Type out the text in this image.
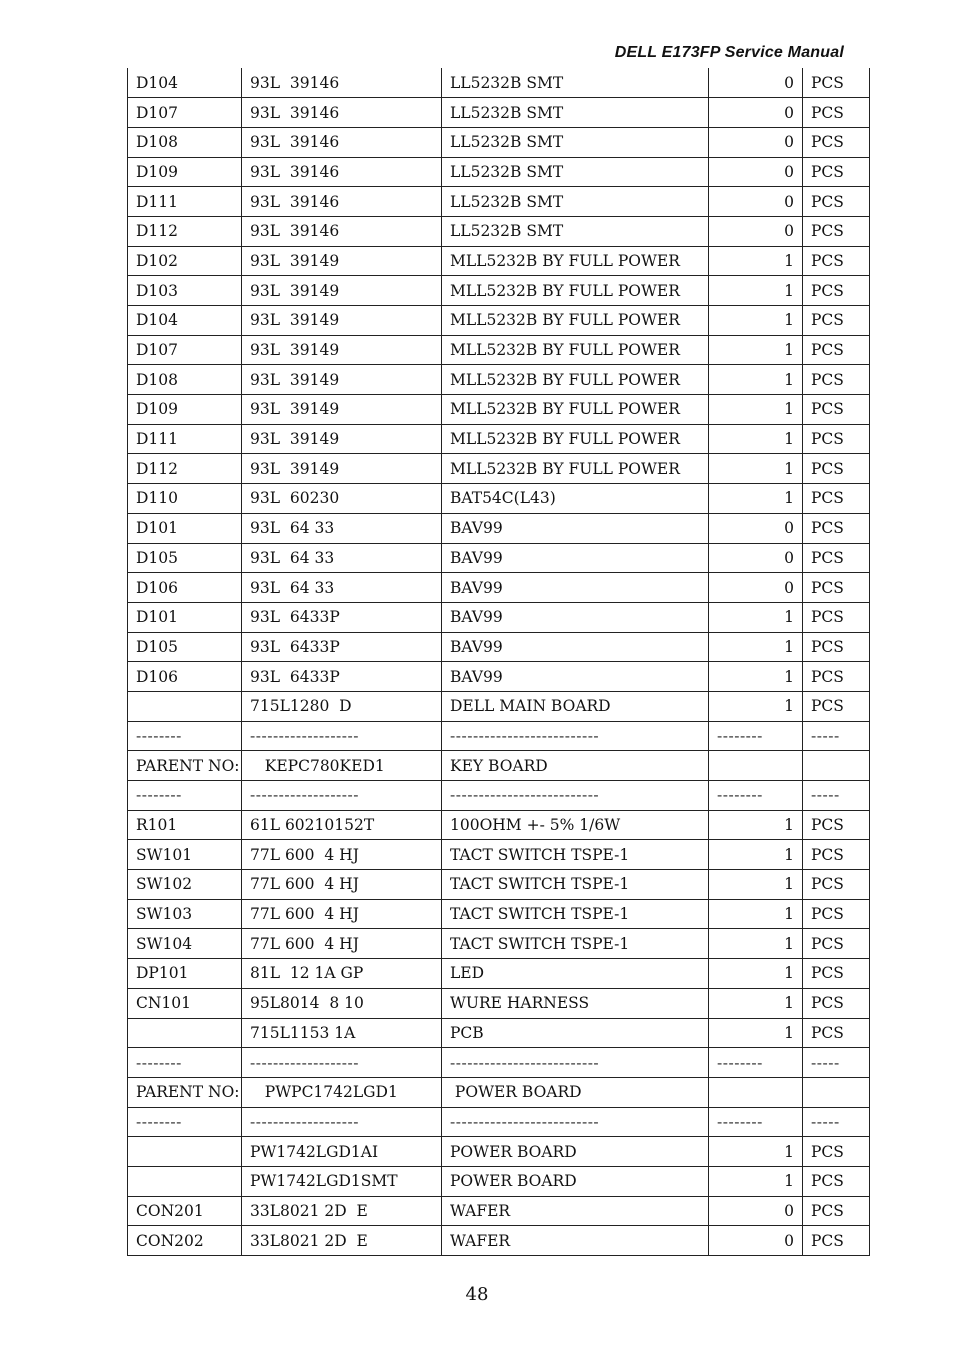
DELL E173FP Service Manual
D104	93L  39146	LL5232B SMT	0	PCS
D107	93L  39146	LL5232B SMT	0	PCS
D108	93L  39146	LL5232B SMT	0	PCS
D109	93L  39146	LL5232B SMT	0	PCS
D111	93L  39146	LL5232B SMT	0	PCS
D112	93L  39146	LL5232B SMT	0	PCS
D102	93L  39149	MLL5232B BY FULL POWER	1	PCS
D103	93L  39149	MLL5232B BY FULL POWER	1	PCS
D104	93L  39149	MLL5232B BY FULL POWER	1	PCS
D107	93L  39149	MLL5232B BY FULL POWER	1	PCS
D108	93L  39149	MLL5232B BY FULL POWER	1	PCS
D109	93L  39149	MLL5232B BY FULL POWER	1	PCS
D111	93L  39149	MLL5232B BY FULL POWER	1	PCS
D112	93L  39149	MLL5232B BY FULL POWER	1	PCS
D110	93L  60230	BAT54C(L43)	1	PCS
D101	93L  64 33	BAV99	0	PCS
D105	93L  64 33	BAV99	0	PCS
D106	93L  64 33	BAV99	0	PCS
D101	93L  6433P	BAV99	1	PCS
D105	93L  6433P	BAV99	1	PCS
D106	93L  6433P	BAV99	1	PCS
	715L1280  D	DELL MAIN BOARD	1	PCS
--------	-------------------	--------------------------	--------	-----
PARENT NO:	KEPC780KED1	KEY BOARD		
--------	-------------------	--------------------------	--------	-----
R101	61L 60210152T	100OHM +- 5% 1/6W	1	PCS
SW101	77L 600  4 HJ	TACT SWITCH TSPE-1	1	PCS
SW102	77L 600  4 HJ	TACT SWITCH TSPE-1	1	PCS
SW103	77L 600  4 HJ	TACT SWITCH TSPE-1	1	PCS
SW104	77L 600  4 HJ	TACT SWITCH TSPE-1	1	PCS
DP101	81L  12 1A GP	LED	1	PCS
CN101	95L8014  8 10	WURE HARNESS	1	PCS
	715L1153 1A	PCB	1	PCS
--------	-------------------	--------------------------	--------	-----
PARENT NO:	PWPC1742LGD1	POWER BOARD		
--------	-------------------	--------------------------	--------	-----
	PW1742LGD1AI	POWER BOARD	1	PCS
	PW1742LGD1SMT	POWER BOARD	1	PCS
CON201	33L8021 2D  E	WAFER	0	PCS
CON202	33L8021 2D  E	WAFER	0	PCS
48
